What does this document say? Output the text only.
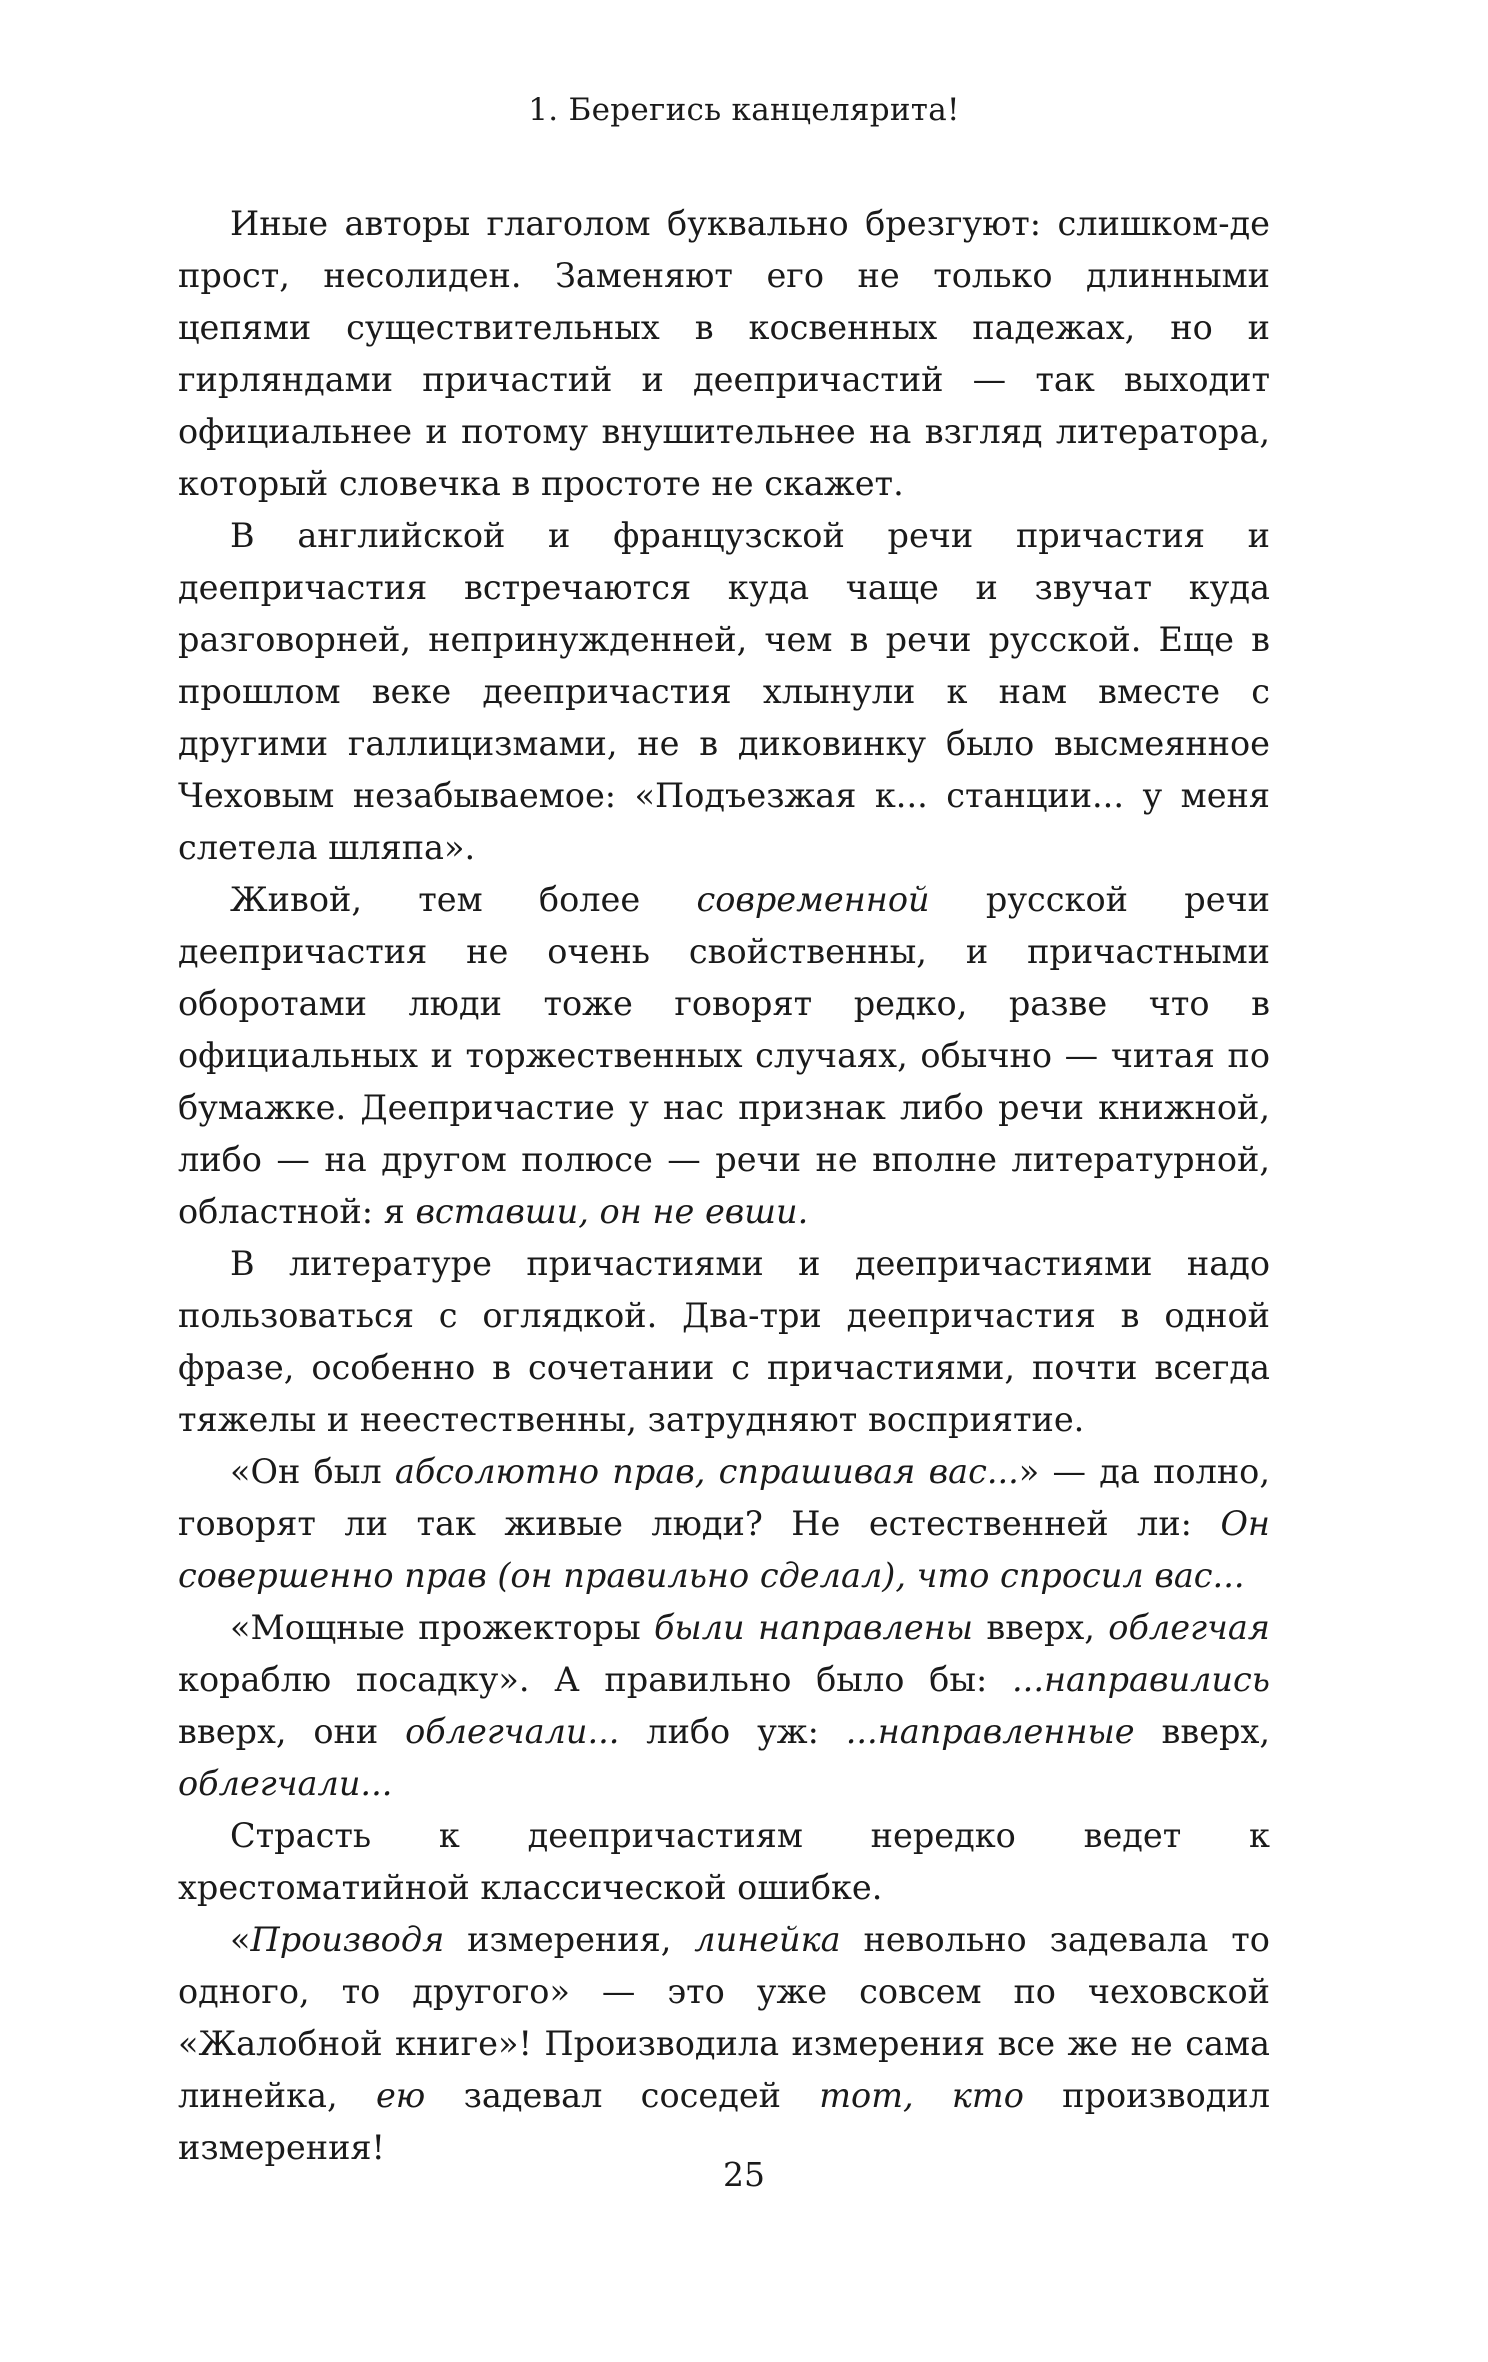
1. Берегись канцелярита!

Иные авторы глаголом буквально брезгуют: слишком-де прост, несолиден. Заменяют его не только длинными цепями существительных в косвенных падежах, но и гирляндами причастий и деепричастий — так выходит официальнее и потому внушительнее на взгляд литератора, который словечка в простоте не скажет.

В английской и французской речи причастия и деепричастия встречаются куда чаще и звучат куда разговорней, непринужденней, чем в речи русской. Еще в прошлом веке деепричастия хлынули к нам вместе с другими галлицизмами, не в диковинку было высмеянное Чеховым незабываемое: «Подъезжая к... станции... у меня слетела шляпа».

Живой, тем более современной русской речи деепричастия не очень свойственны, и причастными оборотами люди тоже говорят редко, разве что в официальных и торжественных случаях, обычно — читая по бумажке. Деепричастие у нас признак либо речи книжной, либо — на другом полюсе — речи не вполне литературной, областной: я вставши, он не евши.

В литературе причастиями и деепричастиями надо пользоваться с оглядкой. Два-три деепричастия в одной фразе, особенно в сочетании с причастиями, почти всегда тяжелы и неестественны, затрудняют восприятие.

«Он был абсолютно прав, спрашивая вас...» — да полно, говорят ли так живые люди? Не естественней ли: Он совершенно прав (он правильно сделал), что спросил вас...

«Мощные прожекторы были направлены вверх, облегчая кораблю посадку». А правильно было бы: ...направились вверх, они облегчали... либо уж: ...направленные вверх, облегчали...

Страсть к деепричастиям нередко ведет к хрестоматийной классической ошибке.

«Производя измерения, линейка невольно задевала то одного, то другого» — это уже совсем по чеховской «Жалобной книге»! Производила измерения все же не сама линейка, ею задевал соседей тот, кто производил измерения!

25
